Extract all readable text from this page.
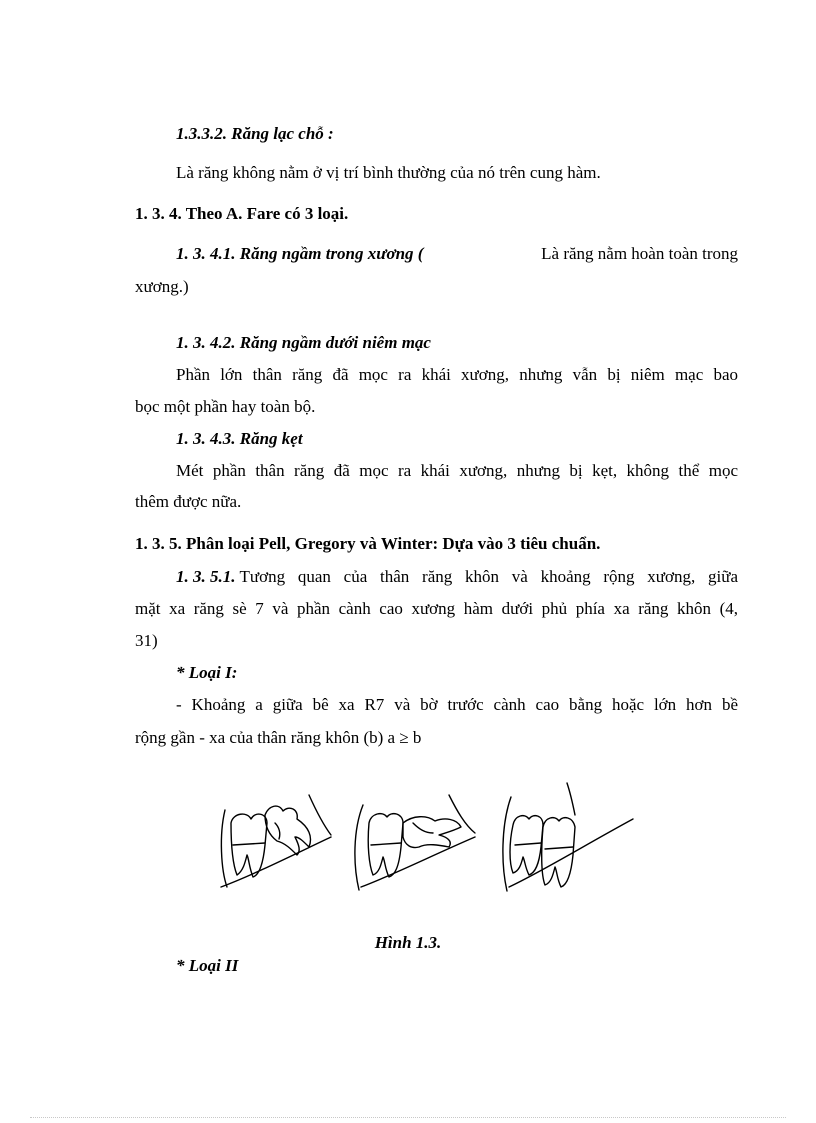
1.3.3.2. Răng lạc chỗ :

Là răng không nằm ở vị trí bình thường của nó trên cung hàm.

1. 3. 4. Theo A. Fare có 3 loại.

1. 3. 4.1. Răng ngầm trong xương (	Là răng nằm hoàn toàn trong

xương.)

1. 3. 4.2. Răng ngầm dưới niêm mạc

Phần lớn thân răng đã mọc ra khái xương, nhưng vẫn bị niêm mạc bao

bọc một phần hay toàn bộ.

1. 3. 4.3. Răng kẹt

Mét phần thân răng đã mọc ra khái xương, nhưng bị kẹt, không thể mọc

thêm được nữa.

1. 3. 5. Phân loại Pell, Gregory và Winter: Dựa vào 3 tiêu chuẩn.

1. 3. 5.1. Tương quan của thân răng khôn và khoảng rộng xương, giữa

mặt xa răng sè 7 và phần cành cao xương hàm dưới phủ phía xa răng khôn (4,

31)

* Loại I:

- Khoảng a giữa bê xa R7 và bờ trước cành cao bằng hoặc lớn hơn bề

rộng gần - xa của thân răng khôn (b) a ≥ b

Hình 1.3.

* Loại II
